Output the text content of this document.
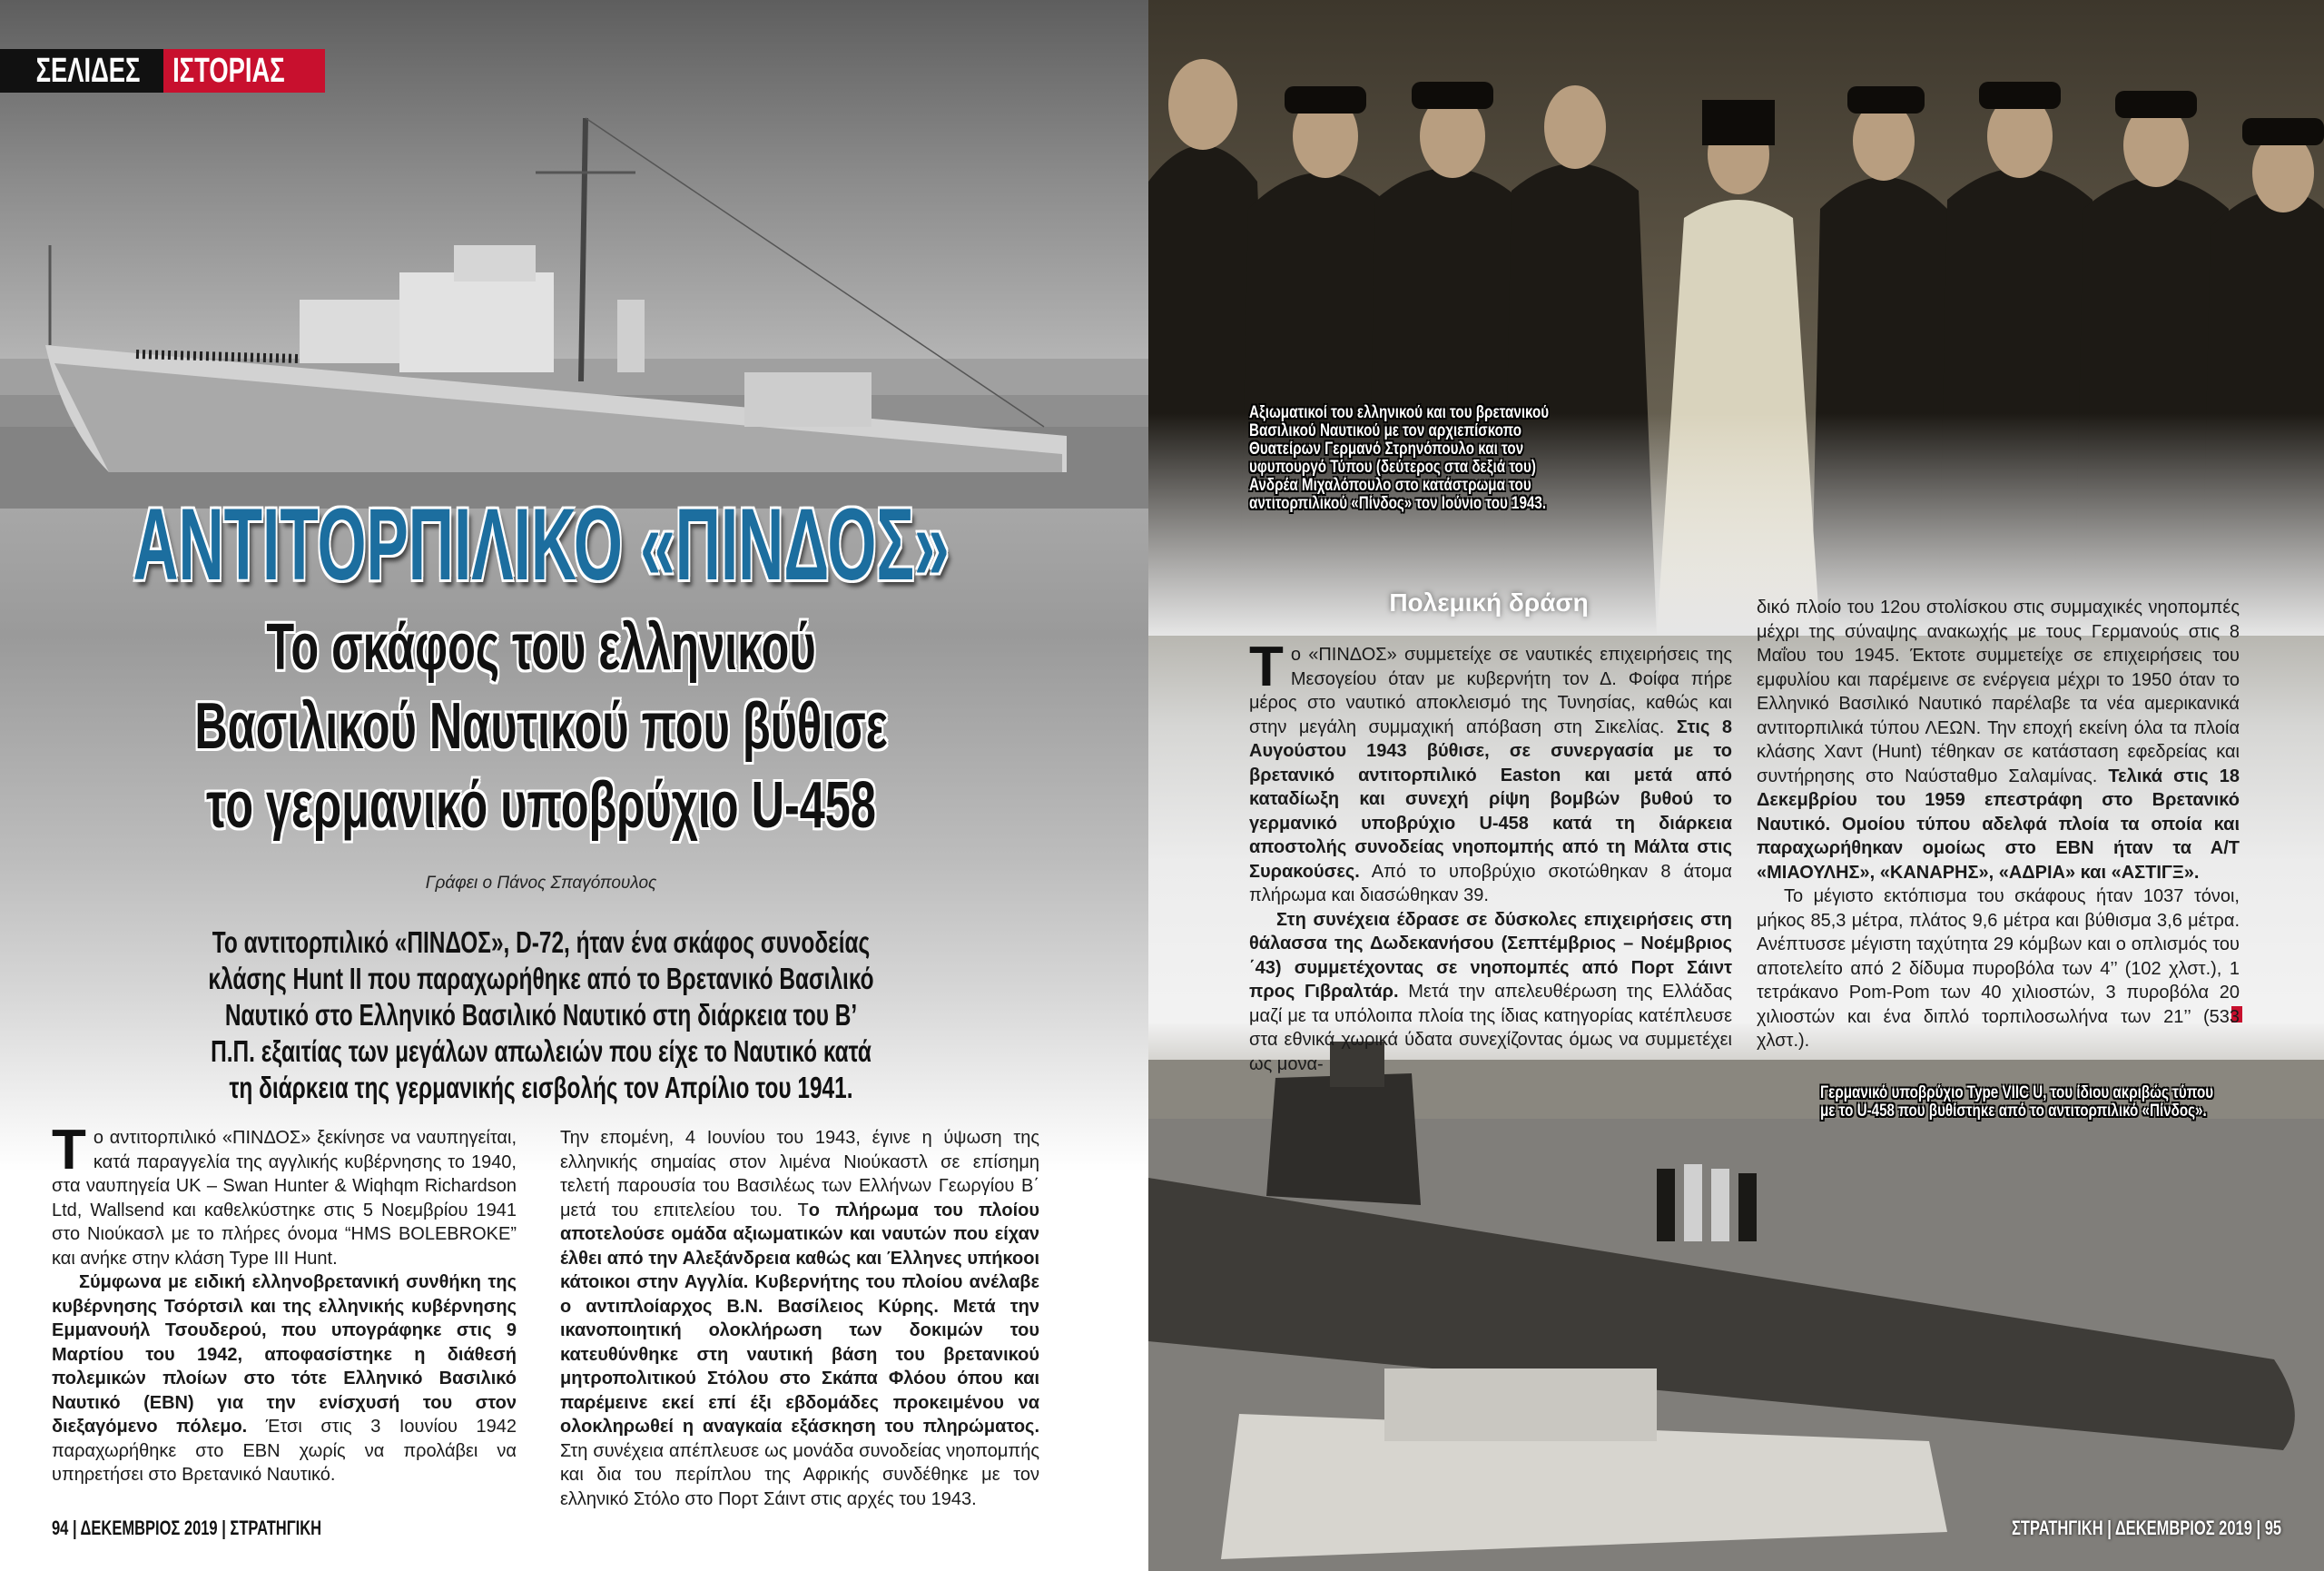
ΣΕΛΙΔΕΣ ΙΣΤΟΡΙΑΣ
ΑΝΤΙΤΟΡΠΙΛΙΚΟ «ΠΙΝΔΟΣ»
Το σκάφος του ελληνικού
Βασιλικού Ναυτικού που βύθισε
το γερμανικό υποβρύχιο U-458
Γράφει ο Πάνος Σπαγόπουλος
Το αντιτορπιλικό «ΠΙΝΔΟΣ», D-72, ήταν ένα σκάφος συνοδείας
κλάσης Hunt II που παραχωρήθηκε από το Βρετανικό Βασιλικό
Ναυτικό στο Ελληνικό Βασιλικό Ναυτικό στη διάρκεια του Β’
Π.Π. εξαιτίας των μεγάλων απωλειών που είχε το Ναυτικό κατά
τη διάρκεια της γερμανικής εισβολής τον Απρίλιο του 1941.

Το αντιτορπιλικό «ΠΙΝΔΟΣ» ξεκίνησε να ναυπηγείται, κατά παραγγελία της αγγλικής κυβέρνησης το 1940, στα ναυπηγεία UK – Swan Hunter & Wiqhqm Richardson Ltd, Wallsend και καθελκύστηκε στις 5 Νοεμβρίου 1941 στο Νιούκασλ με το πλήρες όνομα “HMS BOLEBROKE” και ανήκε στην κλάση Type III Hunt.

Σύμφωνα με ειδική ελληνοβρετανική συνθήκη της κυβέρνησης Τσόρτσιλ και της ελληνικής κυβέρνησης Εμμανουήλ Τσουδερού, που υπογράφηκε στις 9 Μαρτίου του 1942, αποφασίστηκε η διάθεσή πολεμικών πλοίων στο τότε Ελληνικό Βασιλικό Ναυτικό (ΕΒΝ) για την ενίσχυσή του στον διεξαγόμενο πόλεμο. Έτσι στις 3 Ιουνίου 1942 παραχωρήθηκε στο ΕΒΝ χωρίς να προλάβει να υπηρετήσει στο Βρετανικό Ναυτικό.

Την επομένη, 4 Ιουνίου του 1943, έγινε η ύψωση της ελληνικής σημαίας στον λιμένα Νιούκαστλ σε επίσημη τελετή παρουσία του Βασιλέως των Ελλήνων Γεωργίου Β΄ μετά του επιτελείου του. Το πλήρωμα του πλοίου αποτελούσε ομάδα αξιωματικών και ναυτών που είχαν έλθει από την Αλεξάνδρεια καθώς και Έλληνες υπήκοοι κάτοικοι στην Αγγλία. Κυβερνήτης του πλοίου ανέλαβε ο αντιπλοίαρχος Β.Ν. Βασίλειος Κύρης. Μετά την ικανοποιητική ολοκλήρωση των δοκιμών του κατευθύνθηκε στη ναυτική βάση του βρετανικού μητροπολιτικού Στόλου στο Σκάπα Φλόου όπου και παρέμεινε εκεί επί έξι εβδομάδες προκειμένου να ολοκληρωθεί η αναγκαία εξάσκηση του πληρώματος. Στη συνέχεια απέπλευσε ως μονάδα συνοδείας νηοπομπής και δια του περίπλου της Αφρικής συνδέθηκε με τον ελληνικό Στόλο στο Πορτ Σάιντ στις αρχές του 1943.

94 | ΔΕΚΕΜΒΡΙΟΣ 2019 | ΣΤΡΑΤΗΓΙΚΗ
Αξιωματικοί του ελληνικού και του βρετανικού
Βασιλικού Ναυτικού με τον αρχιεπίσκοπο
Θυατείρων Γερμανό Στρηνόπουλο και τον
υφυπουργό Τύπου (δεύτερος στα δεξιά του)
Ανδρέα Μιχαλόπουλο στο κατάστρωμα του
αντιτορπιλικού «Πίνδος» τον Ιούνιο του 1943.
Γερμανικό υποβρύχιο Type VIIC U, του ίδιου ακριβώς τύπου
με το U-458 που βυθίστηκε από το αντιτορπιλικό «Πίνδος».
ΣΤΡΑΤΗΓΙΚΗ | ΔΕΚΕΜΒΡΙΟΣ 2019 | 95
Πολεμική δράση

Το «ΠΙΝΔΟΣ» συμμετείχε σε ναυτικές επιχειρήσεις της Μεσογείου όταν με κυβερνήτη τον Δ. Φοίφα πήρε μέρος στο ναυτικό αποκλεισμό της Τυνησίας, καθώς και στην μεγάλη συμμαχική απόβαση στη Σικελίας. Στις 8 Αυγούστου 1943 βύθισε, σε συνεργασία με το βρετανικό αντιτορπιλικό Easton και μετά από καταδίωξη και συνεχή ρίψη βομβών βυθού το γερμανικό υποβρύχιο U-458 κατά τη διάρκεια αποστολής συνοδείας νηοπομπής από τη Μάλτα στις Συρακούσες. Από το υποβρύχιο σκοτώθηκαν 8 άτομα πλήρωμα και διασώθηκαν 39.

Στη συνέχεια έδρασε σε δύσκολες επιχειρήσεις στη θάλασσα της Δωδεκανήσου (Σεπτέμβριος – Νοέμβριος ΄43) συμμετέχοντας σε νηοπομπές από Πορτ Σάιντ προς Γιβραλτάρ. Μετά την απελευθέρωση της Ελλάδας μαζί με τα υπόλοιπα πλοία της ίδιας κατηγορίας κατέπλευσε στα εθνικά χωρικά ύδατα συνεχίζοντας όμως να συμμετέχει ως μονα-

δικό πλοίο του 12ου στολίσκου στις συμμαχικές νηοπομπές μέχρι της σύναψης ανακωχής με τους Γερμανούς στις 8 Μαΐου του 1945. Έκτοτε συμμετείχε σε επιχειρήσεις του εμφυλίου και παρέμεινε σε ενέργεια μέχρι το 1950 όταν το Ελληνικό Βασιλικό Ναυτικό παρέλαβε τα νέα αμερικανικά αντιτορπιλικά τύπου ΛΕΩΝ. Την εποχή εκείνη όλα τα πλοία κλάσης Χαντ (Hunt) τέθηκαν σε κατάσταση εφεδρείας και συντήρησης στο Ναύσταθμο Σαλαμίνας. Τελικά στις 18 Δεκεμβρίου του 1959 επεστράφη στο Βρετανικό Ναυτικό. Ομοίου τύπου αδελφά πλοία τα οποία και παραχωρήθηκαν ομοίως στο ΕΒΝ ήταν τα Α/Τ «ΜΙΑΟΥΛΗΣ», «ΚΑΝΑΡΗΣ», «ΑΔΡΙΑ» και «ΑΣΤΙΓΞ».

Το μέγιστο εκτόπισμα του σκάφους ήταν 1037 τόνοι, μήκος 85,3 μέτρα, πλάτος 9,6 μέτρα και βύθισμα 3,6 μέτρα. Ανέπτυσσε μέγιστη ταχύτητα 29 κόμβων και ο οπλισμός του αποτελείτο από 2 δίδυμα πυροβόλα των 4’’ (102 χλστ.), 1 τετράκανο Pom-Pom των 40 χιλιοστών, 3 πυροβόλα 20 χιλιοστών και ένα διπλό τορπιλοσωλήνα των 21’’ (533 χλστ.).
